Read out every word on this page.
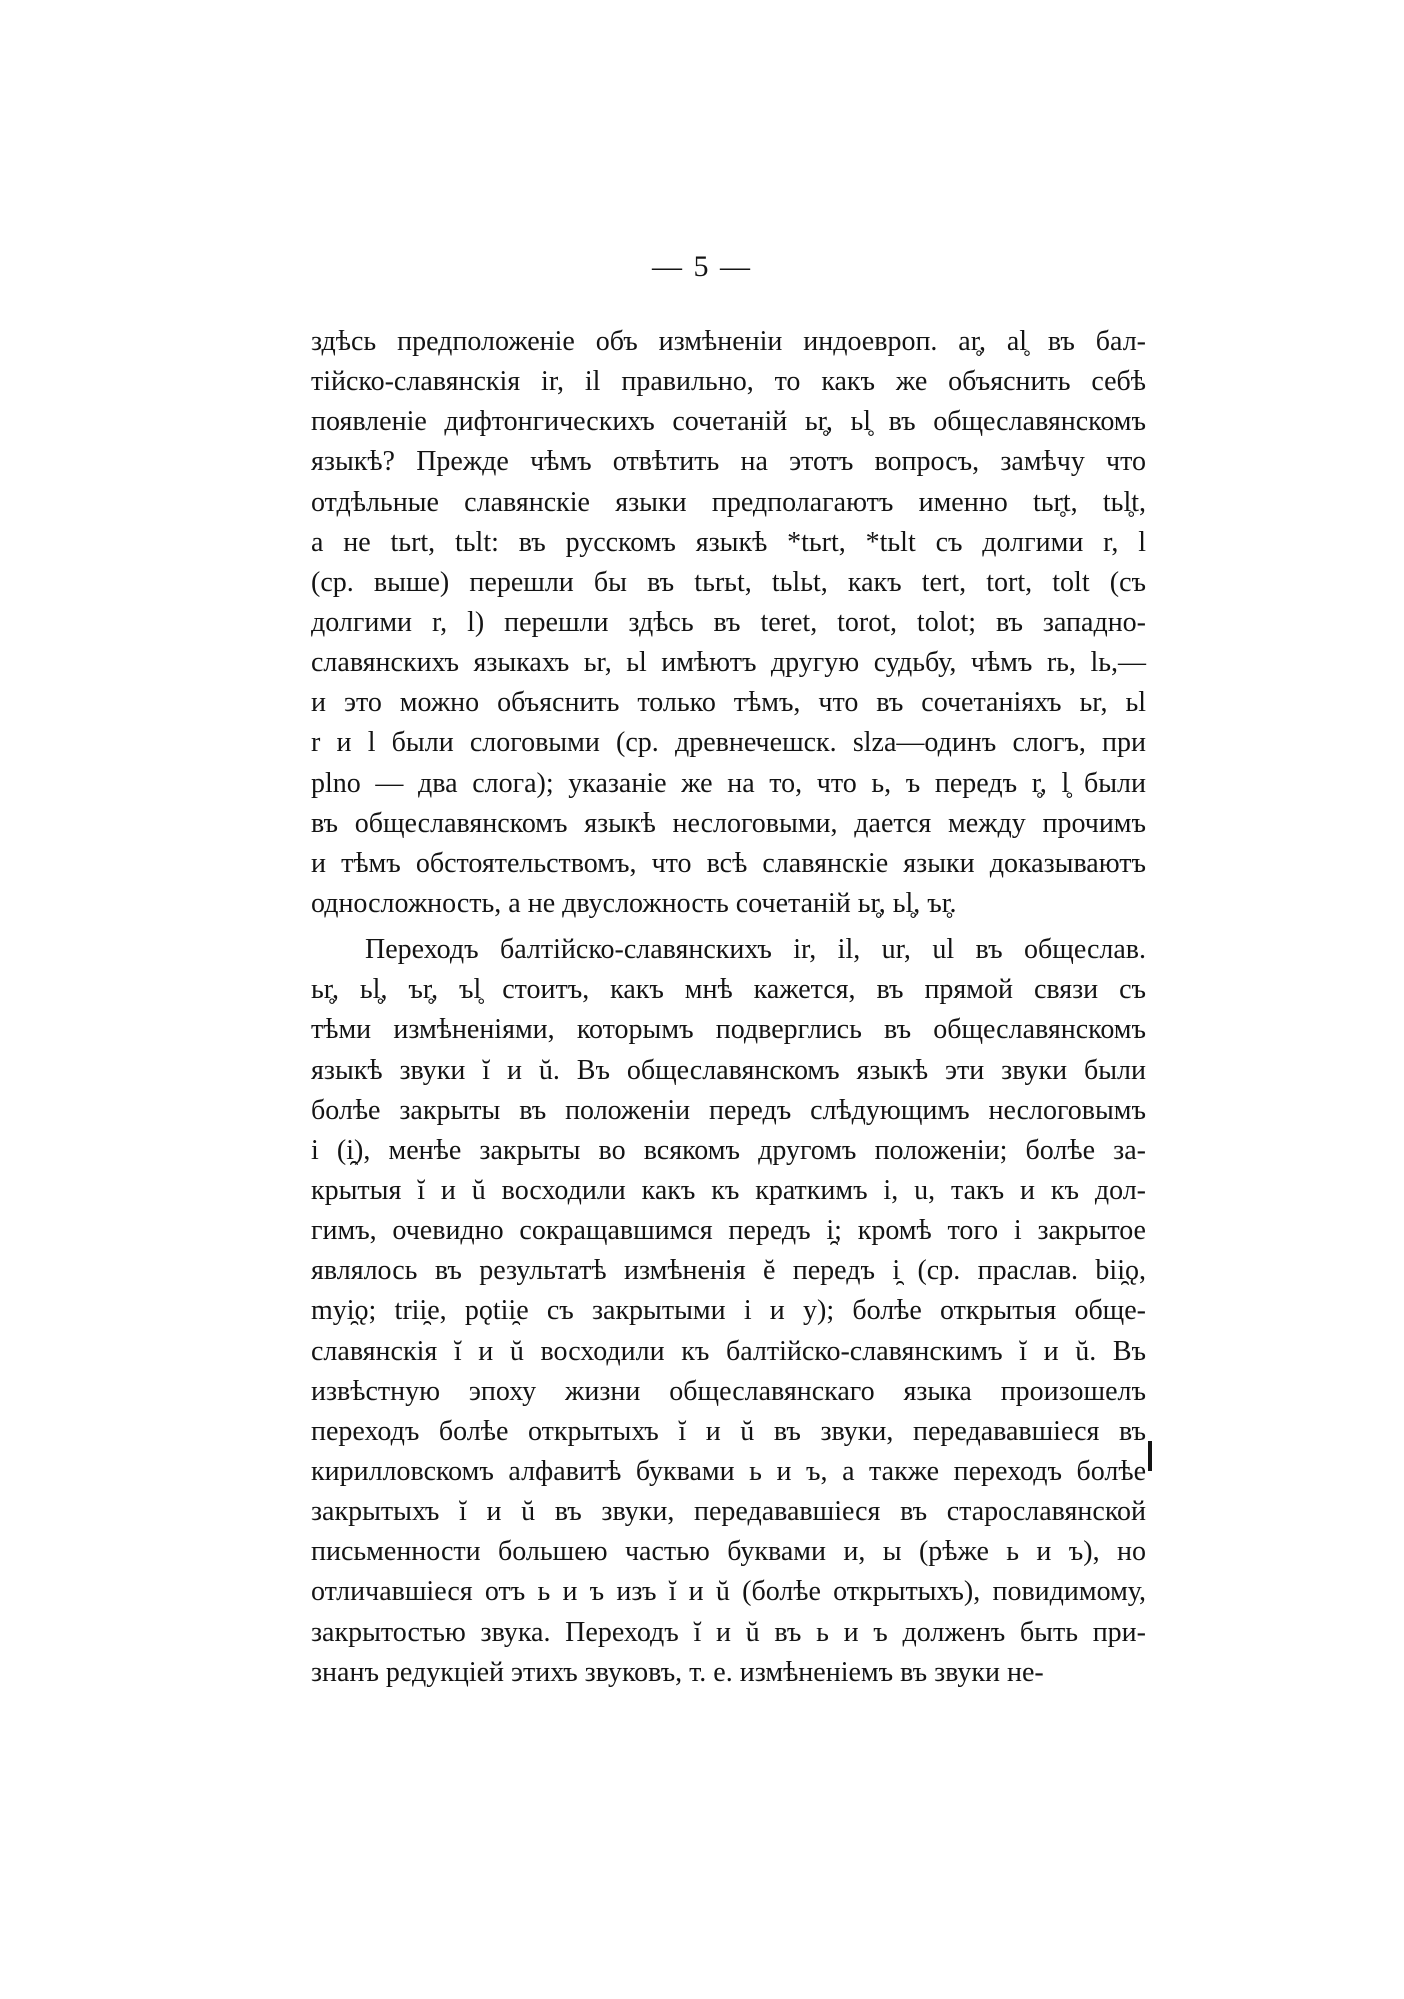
— 5 —
здѣсь предположеніе объ измѣненіи индоевроп. ar̥, al̥ въ бал-
тійско-славянскія ir, il правильно, то какъ же объяснить себѣ
появленіе дифтонгическихъ сочетаній ьr̥, ьl̥ въ общеславянскомъ
языкѣ? Прежде чѣмъ отвѣтить на этотъ вопросъ, замѣчу что
отдѣльные славянскіе языки предполагаютъ именно tьr̥t, tьl̥t,
а не tьrt, tьlt: въ русскомъ языкѣ *tьrt, *tьlt съ долгими r, l
(ср. выше) перешли бы въ tьrьt, tьlьt, какъ tert, tort, tolt (съ
долгими r, l) перешли здѣсь въ teret, torot, tolot; въ западно-
славянскихъ языкахъ ьr, ьl имѣютъ другую судьбу, чѣмъ rь, lь,—
и это можно объяснить только тѣмъ, что въ сочетаніяхъ ьr, ьl
r и l были слоговыми (ср. древнечешск. slza—одинъ слогъ, при
plno — два слога); указаніе же на то, что ь, ъ передъ r̥, l̥ были
въ общеславянскомъ языкѣ неслоговыми, дается между прочимъ
и тѣмъ обстоятельствомъ, что всѣ славянскіе языки доказываютъ
односложность, а не двусложность сочетаній ьr̥, ьl̥, ъr̥.
Переходъ балтійско-славянскихъ ir, il, ur, ul въ общеслав.
ьr̥, ьl̥, ъr̥, ъl̥ стоитъ, какъ мнѣ кажется, въ прямой связи съ
тѣми измѣненіями, которымъ подверглись въ общеславянскомъ
языкѣ звуки ĭ и ŭ. Въ общеславянскомъ языкѣ эти звуки были
болѣе закрыты въ положеніи передъ слѣдующимъ неслоговымъ
i (i̯), менѣе закрыты во всякомъ другомъ положеніи; болѣе за-
крытыя ĭ и ŭ восходили какъ къ краткимъ i, u, такъ и къ дол-
гимъ, очевидно сокращавшимся передъ i̯; кромѣ того i закрытое
являлось въ результатѣ измѣненія ĕ передъ i̯ (ср. праслав. bii̯ǫ,
myi̯ǫ; trii̯e, pǫtii̯e съ закрытыми i и y); болѣе открытыя обще-
славянскія ĭ и ŭ восходили къ балтійско-славянскимъ ĭ и ŭ. Въ
извѣстную эпоху жизни общеславянскаго языка произошелъ
переходъ болѣе открытыхъ ĭ и ŭ въ звуки, передававшіеся въ
кирилловскомъ алфавитѣ буквами ь и ъ, а также переходъ болѣе
закрытыхъ ĭ и ŭ въ звуки, передававшіеся въ старославянской
письменности большею частью буквами и, ы (рѣже ь и ъ), но
отличавшіеся отъ ь и ъ изъ ĭ и ŭ (болѣе открытыхъ), повидимому,
закрытостью звука. Переходъ ĭ и ŭ въ ь и ъ долженъ быть при-
знанъ редукціей этихъ звуковъ, т. е. измѣненіемъ въ звуки не-
